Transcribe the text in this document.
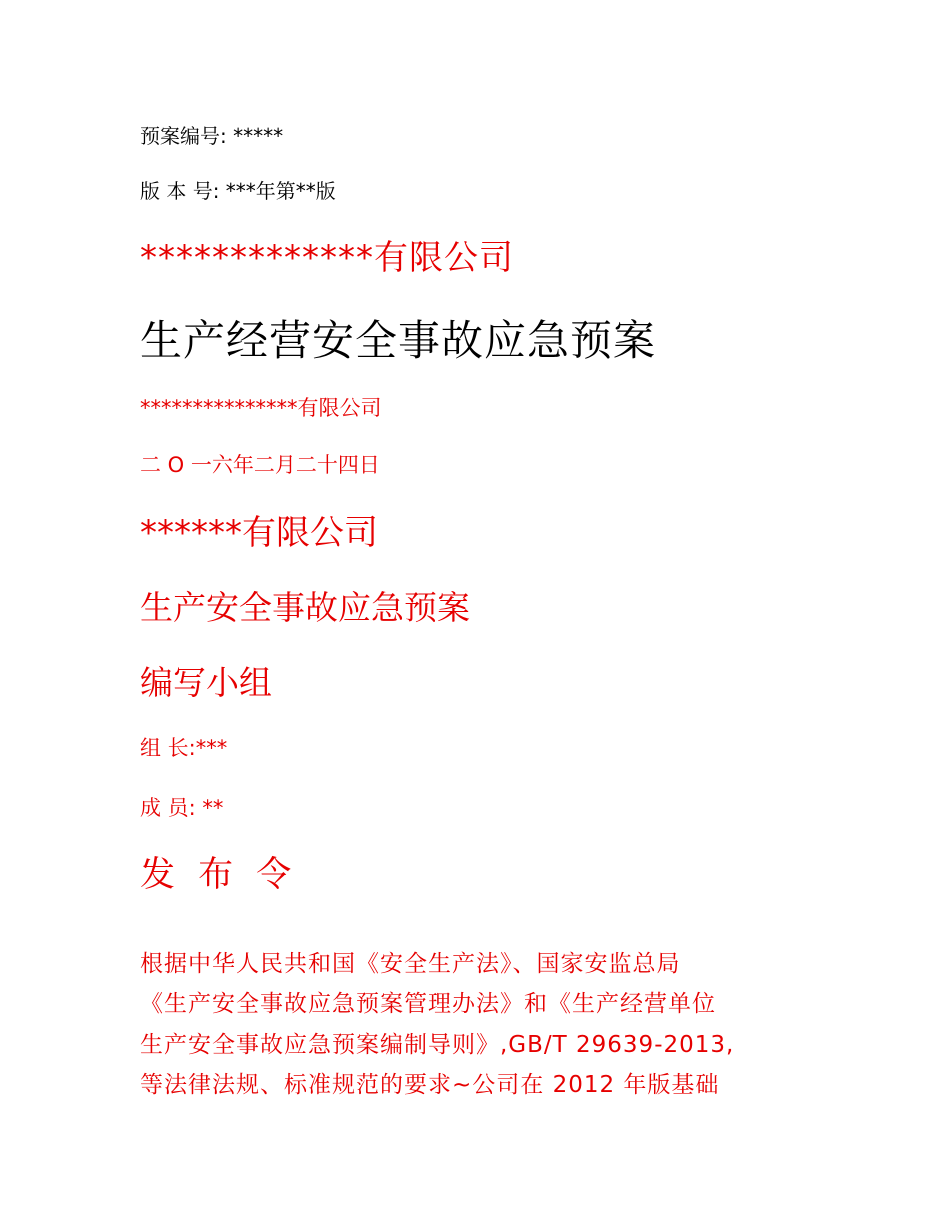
预案编号: *****

版 本 号: ***年第**版

*************有限公司

生产经营安全事故应急预案

***************有限公司

二 O 一六年二月二十四日

******有限公司

生产安全事故应急预案

编写小组

组 长:***

成 员: **

发 布 令

根据中华人民共和国《安全生产法》、国家安监总局

《生产安全事故应急预案管理办法》和《生产经营单位

生产安全事故应急预案编制导则》,GB/T 29639-2013,

等法律法规、标准规范的要求~公司在 2012 年版基础
